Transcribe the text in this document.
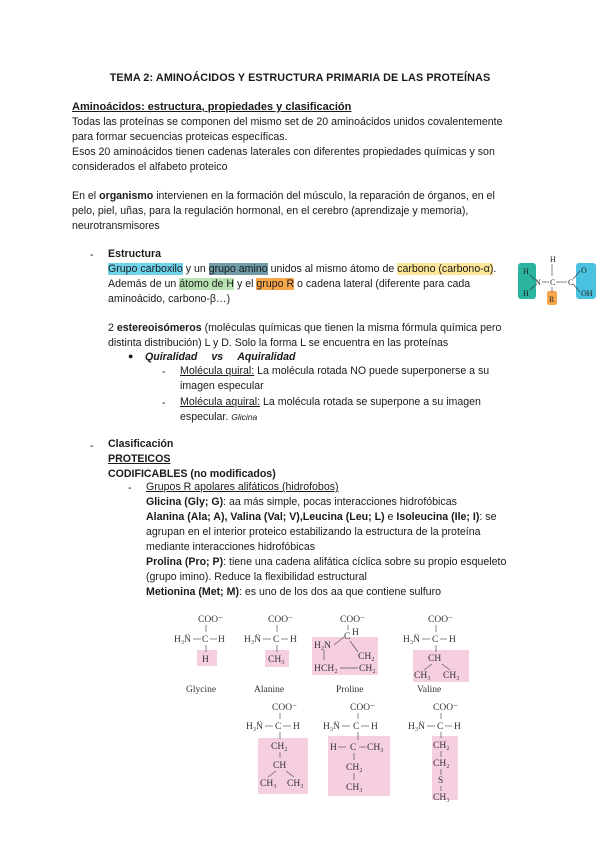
TEMA 2: AMINOÁCIDOS Y ESTRUCTURA PRIMARIA DE LAS PROTEÍNAS
Aminoácidos: estructura, propiedades y clasificación
Todas las proteínas se componen del mismo set de 20 aminoácidos unidos covalentemente
para formar secuencias proteicas específicas.
Esos 20 aminoácidos tienen cadenas laterales con diferentes propiedades químicas y son
considerados el alfabeto proteico
En el organismo intervienen en la formación del músculo, la reparación de órganos, en el
pelo, piel, uñas, para la regulación hormonal, en el cerebro (aprendizaje y memoria),
neurotransmisores
- Estructura
Grupo carboxilo y un grupo amino unidos al mismo átomo de carbono (carbono-α).
Además de un átomo de H y el grupo R o cadena lateral (diferente para cada
aminoácido, carbono-β…)
H
H
N
H
C C
O
OH
R
2 estereoisómeros (moléculas químicas que tienen la misma fórmula química pero
distinta distribución) L y D. Solo la forma L se encuentra en las proteínas
● Quiralidad vs Aquiralidad
- Molécula quiral: La molécula rotada NO puede superponerse a su
imagen especular
- Molécula aquiral: La molécula rotada se superpone a su imagen
especular. Glicina
- Clasificación
PROTEICOS
CODIFICABLES (no modificados)
- Grupos R apolares alifáticos (hidrofobos)
Glicina (Gly; G): aa más simple, pocas interacciones hidrofóbicas
Alanina (Ala; A), Valina (Val; V),Leucina (Leu; L) e Isoleucina (Ile; I): se
agrupan en el interior proteico estabilizando la estructura de la proteína
mediante interacciones hidrofóbicas
Prolina (Pro; P): tiene una cadena alifática cíclica sobre su propio esqueleto
(grupo imino). Reduce la flexibilidad estructural
Metionina (Met; M): es uno de los dos aa que contiene sulfuro
COO⁻
H₃N̈ C H
H
Glycine
COO⁻
H₃N̈ C H
CH₃
Alanine
COO⁻
H
H₂N
C
CH₂
H CH₂ CH₂
Proline
COO⁻
H₃N̈ C H
CH
CH₃ CH₃
Valine
COO⁻
H₃N̈ C H
CH₂
CH
CH₃ CH₃
COO⁻
H₃N̈ C H
H C CH₃
CH₂
CH₃
COO⁻
H₃N̈ C H
CH₂
CH₂
S
CH₃
